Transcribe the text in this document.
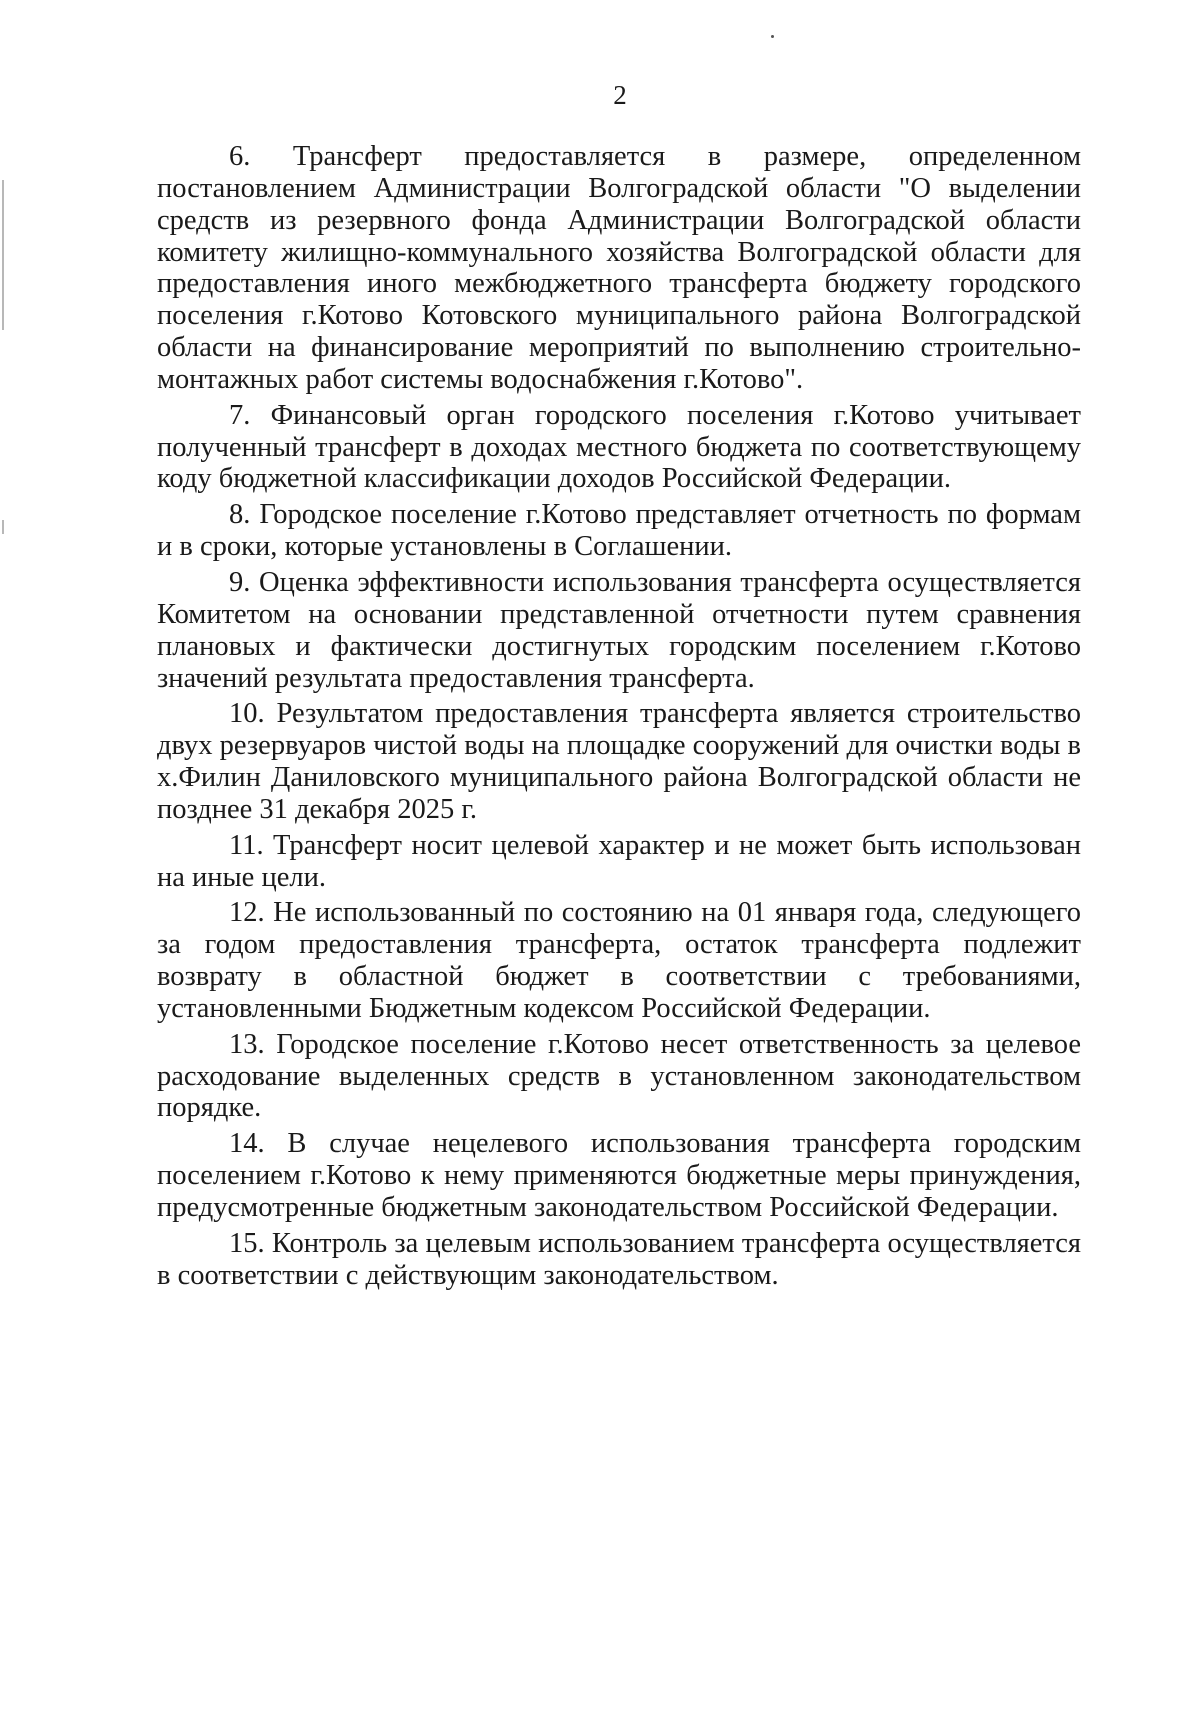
2

6. Трансферт предоставляется в размере, определенном постановлением Администрации Волгоградской области "О выделении средств из резервного фонда Администрации Волгоградской области комитету жилищно-коммунального хозяйства Волгоградской области для предоставления иного межбюджетного трансферта бюджету городского поселения г.Котово Котовского муниципального района Волгоградской области на финансирование мероприятий по выполнению строительно-монтажных работ системы водоснабжения г.Котово".

7. Финансовый орган городского поселения г.Котово учитывает полученный трансферт в доходах местного бюджета по соответствующему коду бюджетной классификации доходов Российской Федерации.

8. Городское поселение г.Котово представляет отчетность по формам и в сроки, которые установлены в Соглашении.

9. Оценка эффективности использования трансферта осуществляется Комитетом на основании представленной отчетности путем сравнения плановых и фактически достигнутых городским поселением г.Котово значений результата предоставления трансферта.

10. Результатом предоставления трансферта является строительство двух резервуаров чистой воды на площадке сооружений для очистки воды в х.Филин Даниловского муниципального района Волгоградской области не позднее 31 декабря 2025 г.

11. Трансферт носит целевой характер и не может быть использован на иные цели.

12. Не использованный по состоянию на 01 января года, следующего за годом предоставления трансферта, остаток трансферта подлежит возврату в областной бюджет в соответствии с требованиями, установленными Бюджетным кодексом Российской Федерации.

13. Городское поселение г.Котово несет ответственность за целевое расходование выделенных средств в установленном законодательством порядке.

14. В случае нецелевого использования трансферта городским поселением г.Котово к нему применяются бюджетные меры принуждения, предусмотренные бюджетным законодательством Российской Федерации.

15. Контроль за целевым использованием трансферта осуществляется в соответствии с действующим законодательством.
